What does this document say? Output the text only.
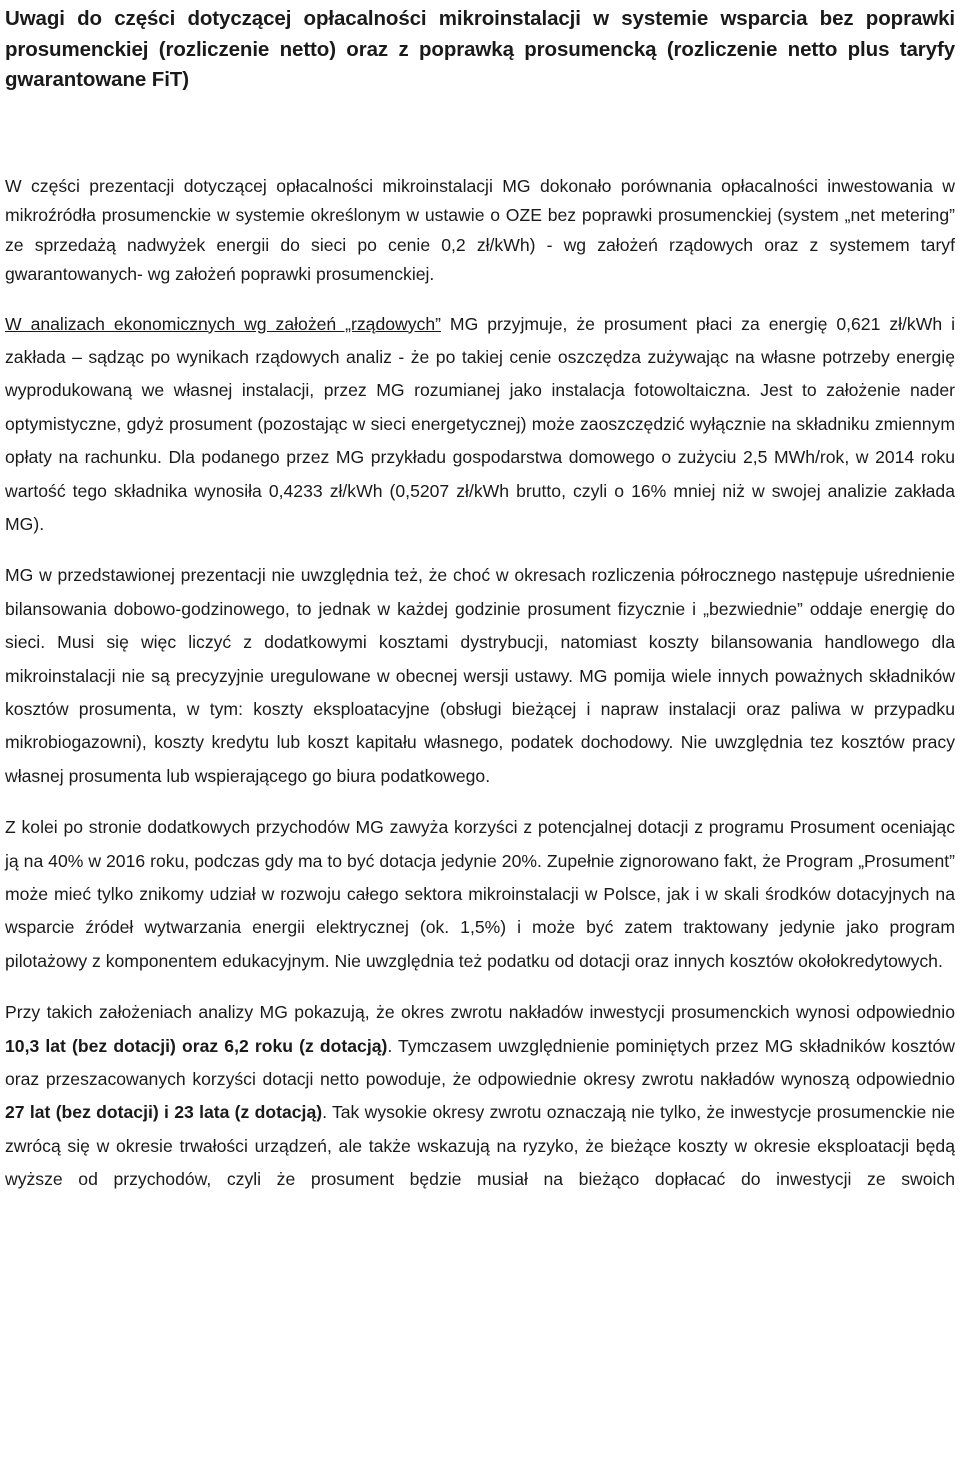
Uwagi do części dotyczącej opłacalności mikroinstalacji w systemie wsparcia bez poprawki prosumenckiej (rozliczenie netto) oraz z poprawką prosumencką (rozliczenie netto plus taryfy gwarantowane FiT)

W części prezentacji dotyczącej opłacalności mikroinstalacji MG dokonało porównania opłacalności inwestowania w mikroźródła prosumenckie w systemie określonym w ustawie o OZE bez poprawki prosumenckiej (system „net metering” ze sprzedażą nadwyżek energii do sieci po cenie 0,2 zł/kWh) - wg założeń rządowych oraz z systemem taryf gwarantowanych- wg założeń poprawki prosumenckiej.

W analizach ekonomicznych wg założeń „rządowych” MG przyjmuje, że prosument płaci za energię 0,621 zł/kWh i zakłada – sądząc po wynikach rządowych analiz - że po takiej cenie oszczędza zużywając na własne potrzeby energię wyprodukowaną we własnej instalacji, przez MG rozumianej jako instalacja fotowoltaiczna. Jest to założenie nader optymistyczne, gdyż prosument (pozostając w sieci energetycznej) może zaoszczędzić wyłącznie na składniku zmiennym opłaty na rachunku. Dla podanego przez MG przykładu gospodarstwa domowego o zużyciu 2,5 MWh/rok, w 2014 roku wartość tego składnika wynosiła 0,4233 zł/kWh (0,5207 zł/kWh brutto, czyli o 16% mniej niż w swojej analizie zakłada MG).

MG w przedstawionej prezentacji nie uwzględnia też, że choć w okresach rozliczenia półrocznego następuje uśrednienie bilansowania dobowo-godzinowego, to jednak w każdej godzinie prosument fizycznie i „bezwiednie” oddaje energię do sieci. Musi się więc liczyć z dodatkowymi kosztami dystrybucji, natomiast koszty bilansowania handlowego dla mikroinstalacji nie są precyzyjnie uregulowane w obecnej wersji ustawy. MG pomija wiele innych poważnych składników kosztów prosumenta, w tym: koszty eksploatacyjne (obsługi bieżącej i napraw instalacji oraz paliwa w przypadku mikrobiogazowni), koszty kredytu lub koszt kapitału własnego, podatek dochodowy. Nie uwzględnia tez kosztów pracy własnej prosumenta lub wspierającego go biura podatkowego.

Z kolei po stronie dodatkowych przychodów MG zawyża korzyści z potencjalnej dotacji z programu Prosument oceniając ją na 40% w 2016 roku, podczas gdy ma to być dotacja jedynie 20%. Zupełnie zignorowano fakt, że Program „Prosument” może mieć tylko znikomy udział w rozwoju całego sektora mikroinstalacji w Polsce, jak i w skali środków dotacyjnych na wsparcie źródeł wytwarzania energii elektrycznej (ok. 1,5%) i może być zatem traktowany jedynie jako program pilotażowy z komponentem edukacyjnym. Nie uwzględnia też podatku od dotacji oraz innych kosztów okołokredytowych.

Przy takich założeniach analizy MG pokazują, że okres zwrotu nakładów inwestycji prosumenckich wynosi odpowiednio 10,3 lat (bez dotacji) oraz 6,2 roku (z dotacją). Tymczasem uwzględnienie pominiętych przez MG składników kosztów oraz przeszacowanych korzyści dotacji netto powoduje, że odpowiednie okresy zwrotu nakładów wynoszą odpowiednio 27 lat (bez dotacji) i 23 lata (z dotacją). Tak wysokie okresy zwrotu oznaczają nie tylko, że inwestycje prosumenckie nie zwrócą się w okresie trwałości urządzeń, ale także wskazują na ryzyko, że bieżące koszty w okresie eksploatacji będą wyższe od przychodów, czyli że prosument będzie musiał na bieżąco dopłacać do inwestycji ze swoich
